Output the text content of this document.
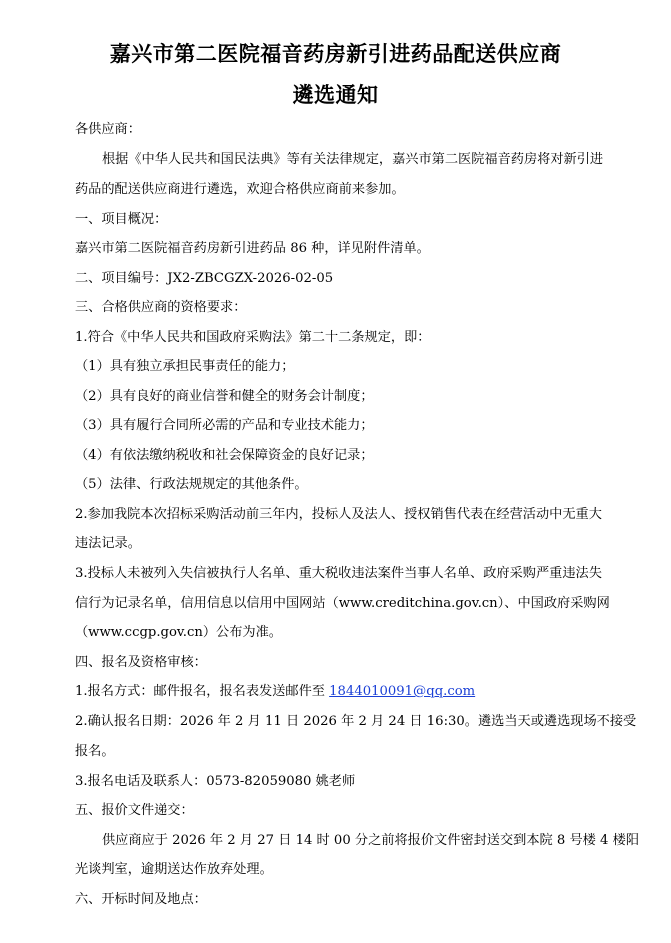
嘉兴市第二医院福音药房新引进药品配送供应商
遴选通知
各供应商：
根据《中华人民共和国民法典》等有关法律规定，嘉兴市第二医院福音药房将对新引进
药品的配送供应商进行遴选，欢迎合格供应商前来参加。
一、项目概况：
嘉兴市第二医院福音药房新引进药品 86 种，详见附件清单。
二、项目编号：JX2-ZBCGZX-2026-02-05
三、合格供应商的资格要求：
1.符合《中华人民共和国政府采购法》第二十二条规定，即：
（1）具有独立承担民事责任的能力；
（2）具有良好的商业信誉和健全的财务会计制度；
（3）具有履行合同所必需的产品和专业技术能力；
（4）有依法缴纳税收和社会保障资金的良好记录；
（5）法律、行政法规规定的其他条件。
2.参加我院本次招标采购活动前三年内，投标人及法人、授权销售代表在经营活动中无重大
违法记录。
3.投标人未被列入失信被执行人名单、重大税收违法案件当事人名单、政府采购严重违法失
信行为记录名单，信用信息以信用中国网站（www.creditchina.gov.cn）、中国政府采购网
（www.ccgp.gov.cn）公布为准。
四、报名及资格审核：
1.报名方式：邮件报名，报名表发送邮件至 1844010091@qq.com
2.确认报名日期：2026 年 2 月 11 日 2026 年 2 月 24 日 16:30。遴选当天或遴选现场不接受
报名。
3.报名电话及联系人：0573-82059080 姚老师
五、报价文件递交：
供应商应于 2026 年 2 月 27 日 14 时 00 分之前将报价文件密封送交到本院 8 号楼 4 楼阳
光谈判室，逾期送达作放弃处理。
六、开标时间及地点：
